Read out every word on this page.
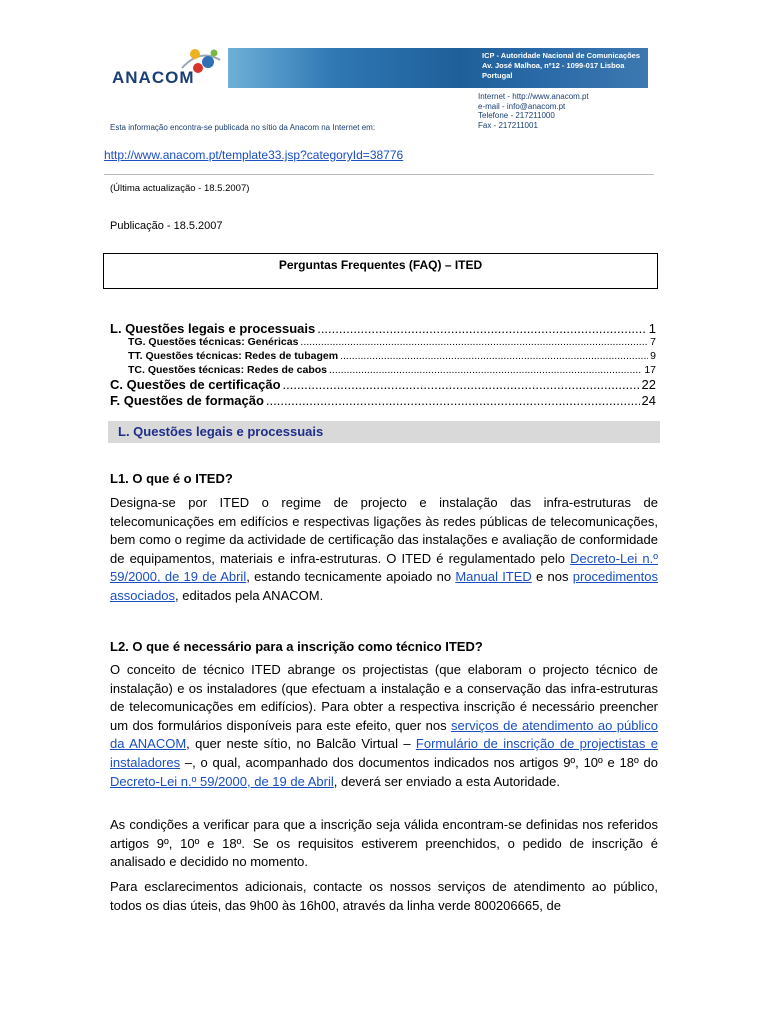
ANACOM
ICP - Autoridade Nacional de Comunicações
Av. José Malhoa, nº12 - 1099-017 Lisboa
Portugal
Internet - http://www.anacom.pt
e-mail - info@anacom.pt
Telefone - 217211000
Fax - 217211001
Esta informação encontra-se publicada no sítio da Anacom na Internet em:
http://www.anacom.pt/template33.jsp?categoryId=38776
(Última actualização - 18.5.2007)
Publicação - 18.5.2007
Perguntas Frequentes (FAQ) – ITED
L. Questões legais e processuais .....	1
TG. Questões técnicas: Genéricas .....	7
TT. Questões técnicas: Redes de tubagem .....	9
TC. Questões técnicas: Redes de cabos .....	17
C. Questões de certificação .....	22
F. Questões de formação .....	24
L. Questões legais e processuais
L1. O que é o ITED?

Designa-se por ITED o regime de projecto e instalação das infra-estruturas de telecomunicações em edifícios e respectivas ligações às redes públicas de telecomunicações, bem como o regime da actividade de certificação das instalações e avaliação de conformidade de equipamentos, materiais e infra-estruturas. O ITED é regulamentado pelo Decreto-Lei n.º 59/2000, de 19 de Abril, estando tecnicamente apoiado no Manual ITED e nos procedimentos associados, editados pela ANACOM.

L2. O que é necessário para a inscrição como técnico ITED?

O conceito de técnico ITED abrange os projectistas (que elaboram o projecto técnico de instalação) e os instaladores (que efectuam a instalação e a conservação das infra-estruturas de telecomunicações em edifícios). Para obter a respectiva inscrição é necessário preencher um dos formulários disponíveis para este efeito, quer nos serviços de atendimento ao público da ANACOM, quer neste sítio, no Balcão Virtual – Formulário de inscrição de projectistas e instaladores –, o qual, acompanhado dos documentos indicados nos artigos 9º, 10º e 18º do Decreto-Lei n.º 59/2000, de 19 de Abril, deverá ser enviado a esta Autoridade.

As condições a verificar para que a inscrição seja válida encontram-se definidas nos referidos artigos 9º, 10º e 18º. Se os requisitos estiverem preenchidos, o pedido de inscrição é analisado e decidido no momento.

Para esclarecimentos adicionais, contacte os nossos serviços de atendimento ao público, todos os dias úteis, das 9h00 às 16h00, através da linha verde 800206665, de
